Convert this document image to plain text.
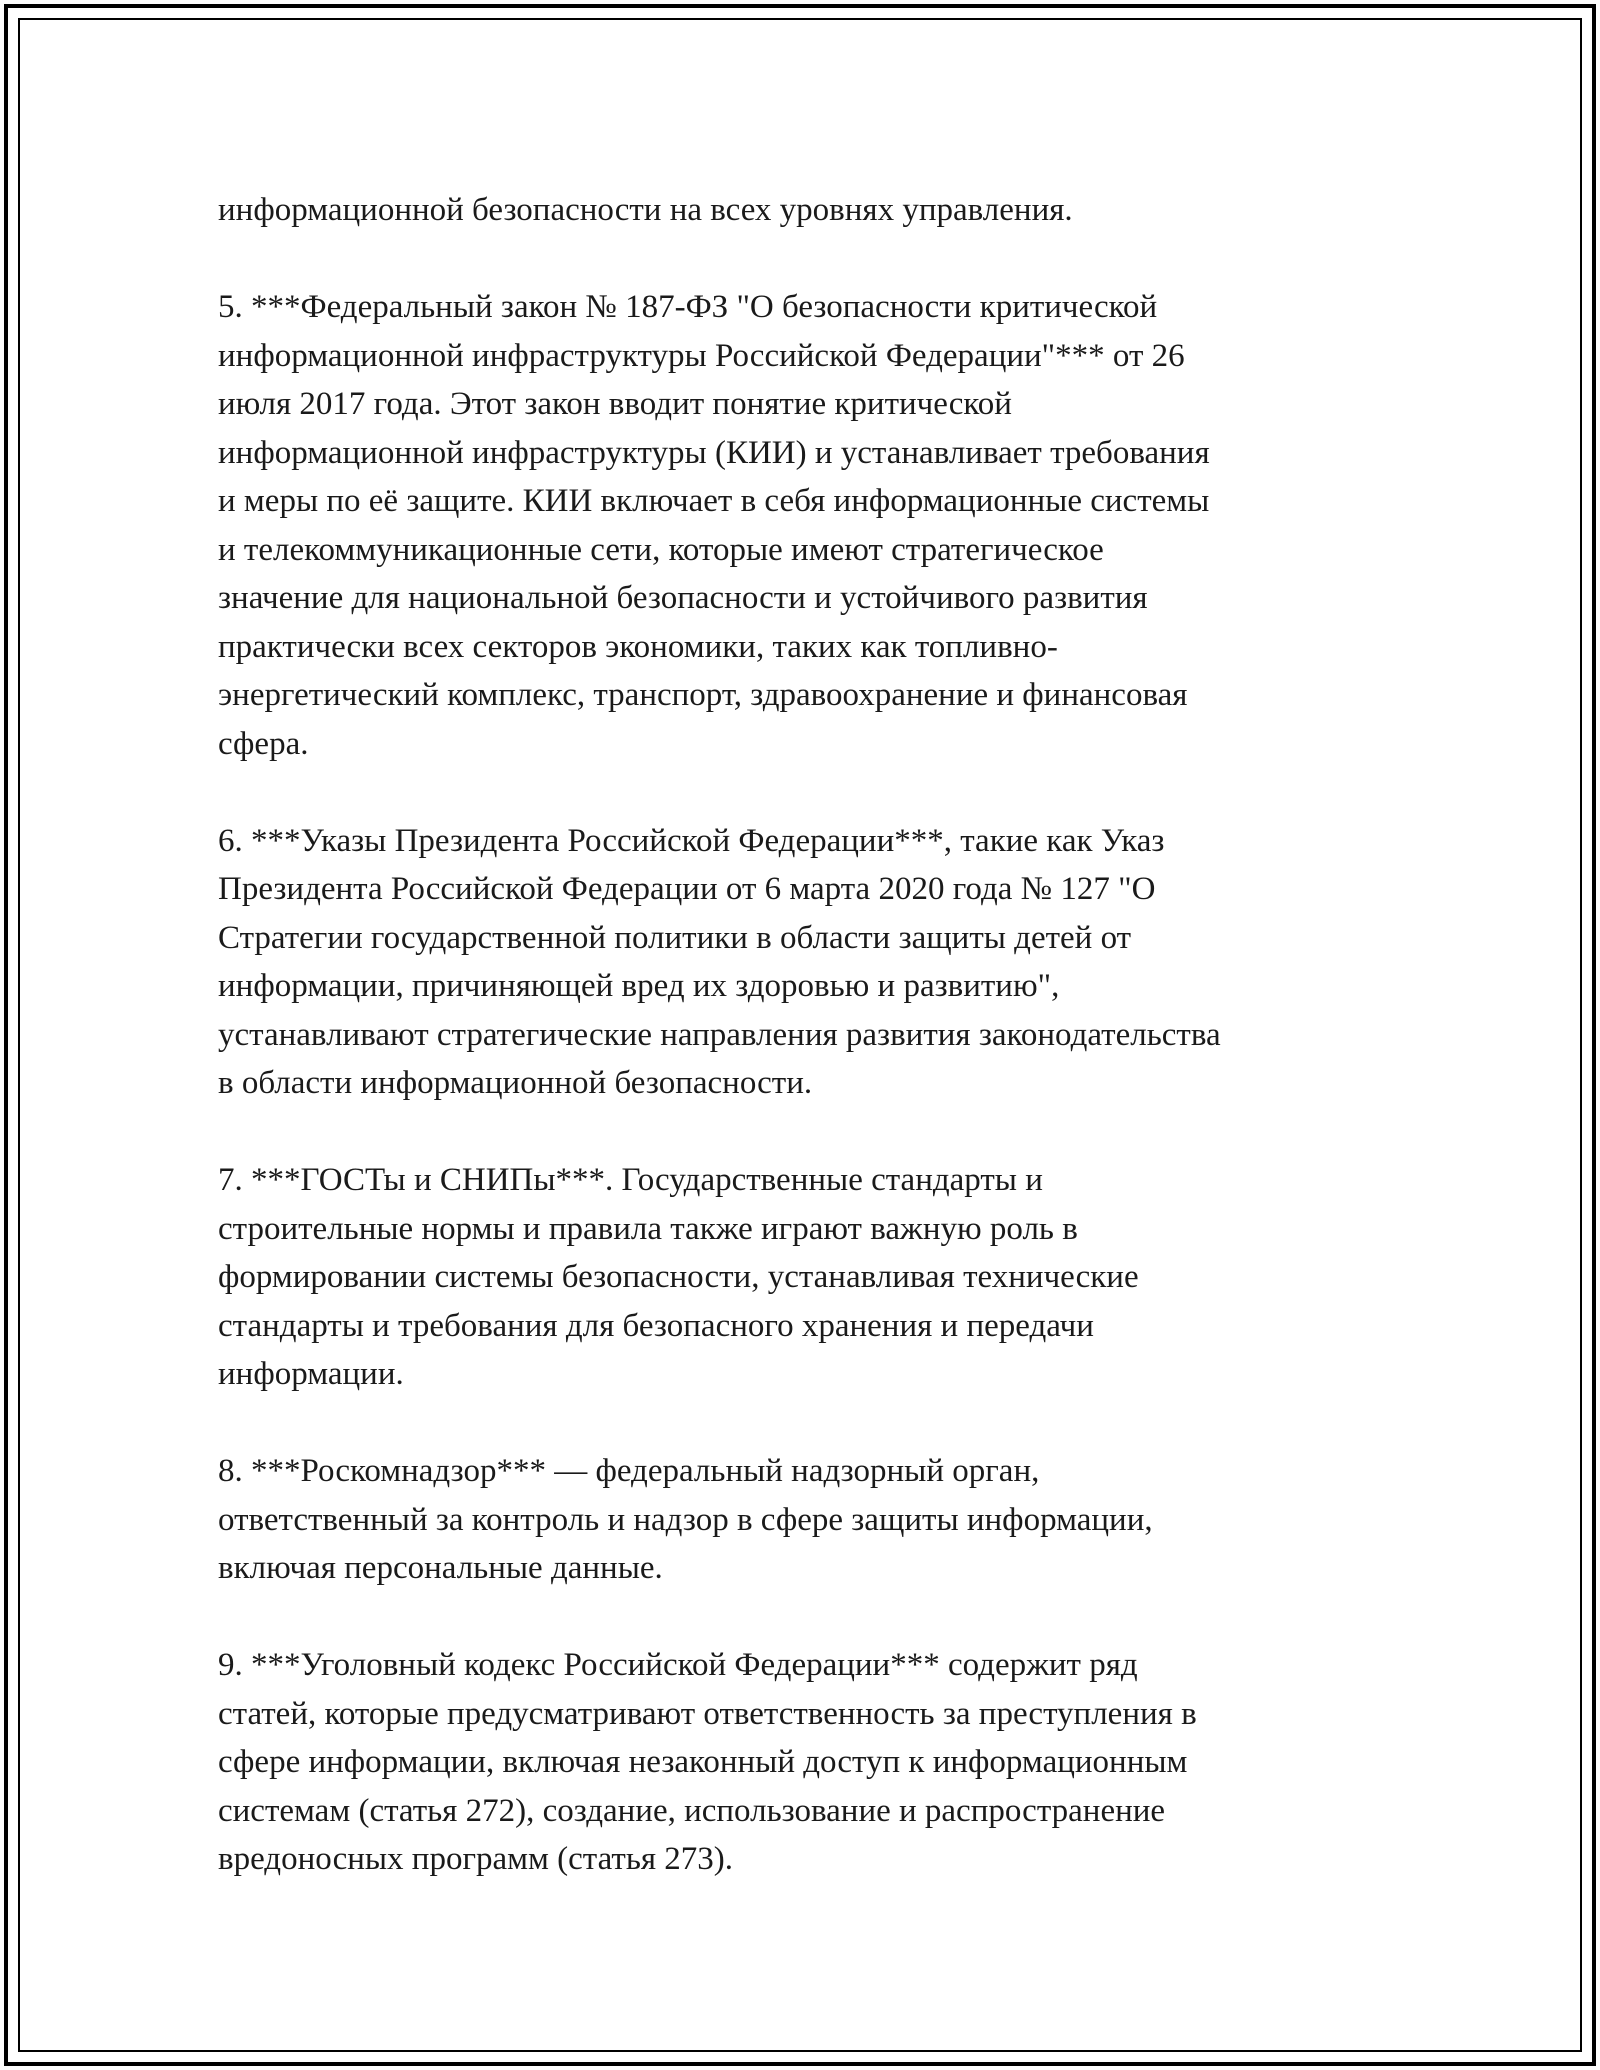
информационной безопасности на всех уровнях управления.

5. ***Федеральный закон № 187-ФЗ "О безопасности критической
информационной инфраструктуры Российской Федерации"*** от 26
июля 2017 года. Этот закон вводит понятие критической
информационной инфраструктуры (КИИ) и устанавливает требования
и меры по её защите. КИИ включает в себя информационные системы
и телекоммуникационные сети, которые имеют стратегическое
значение для национальной безопасности и устойчивого развития
практически всех секторов экономики, таких как топливно-
энергетический комплекс, транспорт, здравоохранение и финансовая
сфера.

6. ***Указы Президента Российской Федерации***, такие как Указ
Президента Российской Федерации от 6 марта 2020 года № 127 "О
Стратегии государственной политики в области защиты детей от
информации, причиняющей вред их здоровью и развитию",
устанавливают стратегические направления развития законодательства
в области информационной безопасности.

7. ***ГОСТы и СНИПы***. Государственные стандарты и
строительные нормы и правила также играют важную роль в
формировании системы безопасности, устанавливая технические
стандарты и требования для безопасного хранения и передачи
информации.

8. ***Роскомнадзор*** — федеральный надзорный орган,
ответственный за контроль и надзор в сфере защиты информации,
включая персональные данные.

9. ***Уголовный кодекс Российской Федерации*** содержит ряд
статей, которые предусматривают ответственность за преступления в
сфере информации, включая незаконный доступ к информационным
системам (статья 272), создание, использование и распространение
вредоносных программ (статья 273).
